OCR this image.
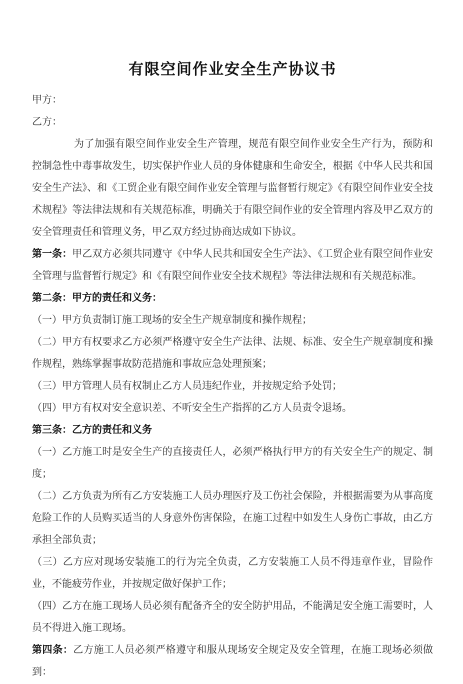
有限空间作业安全生产协议书

甲方：

乙方：

为了加强有限空间作业安全生产管理，规范有限空间作业安全生产行为，预防和控制急性中毒事故发生，切实保护作业人员的身体健康和生命安全，根据《中华人民共和国安全生产法》、和《工贸企业有限空间作业安全管理与监督暂行规定》《有限空间作业安全技术规程》等法律法规和有关规范标准，明确关于有限空间作业的安全管理内容及甲乙双方的安全管理责任和管理义务，甲乙双方经过协商达成如下协议。

第一条：甲乙双方必须共同遵守《中华人民共和国安全生产法》、《工贸企业有限空间作业安全管理与监督暂行规定》和《有限空间作业安全技术规程》等法律法规和有关规范标准。

第二条：甲方的责任和义务：

（一）甲方负责制订施工现场的安全生产规章制度和操作规程；

（二）甲方有权要求乙方必须严格遵守安全生产法律、法规、标准、安全生产规章制度和操作规程，熟练掌握事故防范措施和事故应急处理预案；

（三）甲方管理人员有权制止乙方人员违纪作业，并按规定给予处罚；

（四）甲方有权对安全意识差、不听安全生产指挥的乙方人员责令退场。

第三条：乙方的责任和义务

（一）乙方施工时是安全生产的直接责任人，必须严格执行甲方的有关安全生产的规定、制度；

（二）乙方负责为所有乙方安装施工人员办理医疗及工伤社会保险，并根据需要为从事高度危险工作的人员购买适当的人身意外伤害保险，在施工过程中如发生人身伤亡事故，由乙方承担全部负责；

（三）乙方应对现场安装施工的行为完全负责，乙方安装施工人员不得违章作业，冒险作业，不能疲劳作业，并按规定做好保护工作；

（四）乙方在施工现场人员必须有配备齐全的安全防护用品，不能满足安全施工需要时，人员不得进入施工现场。

第四条：乙方施工人员必须严格遵守和服从现场安全规定及安全管理，在施工现场必须做到：
